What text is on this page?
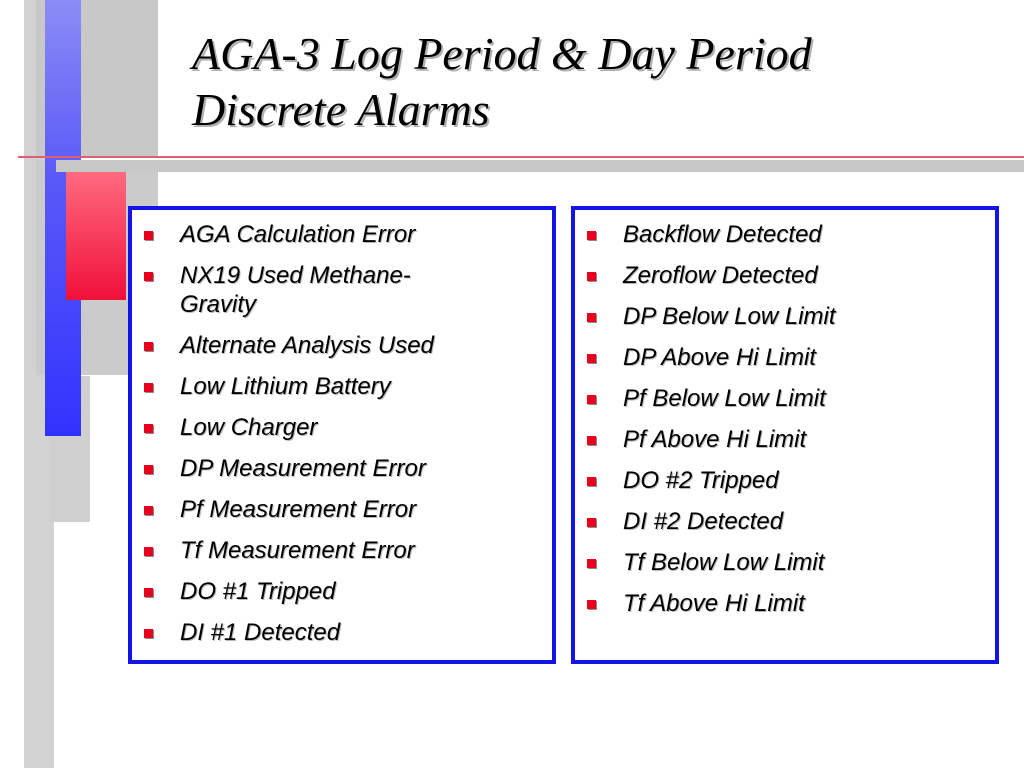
AGA-3 Log Period & Day Period
Discrete Alarms
AGA Calculation Error
NX19 Used Methane-Gravity
Alternate Analysis Used
Low Lithium Battery
Low Charger
DP Measurement Error
Pf Measurement Error
Tf Measurement Error
DO #1 Tripped
DI #1 Detected
Backflow Detected
Zeroflow Detected
DP Below Low Limit
DP Above Hi Limit
Pf Below Low Limit
Pf Above Hi Limit
DO #2 Tripped
DI #2 Detected
Tf Below Low Limit
Tf Above Hi Limit
